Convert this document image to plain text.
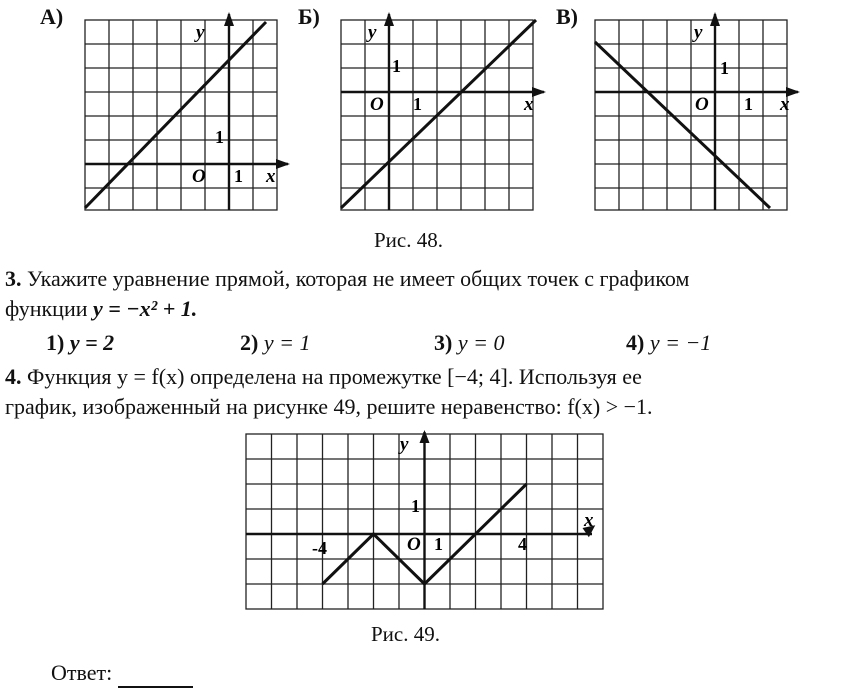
А)
y
x
O 1
1
Б)
y
x
O 1
1
В)
y
x
O 1
1
Рис. 48.
3. Укажите уравнение прямой, которая не имеет общих точек с графиком
функции y = −x² + 1.
1) y = 2	2) y = 1	3) y = 0	4) y = −1
4. Функция y = f(x) определена на промежутке [−4; 4]. Используя ее
график, изображенный на рисунке 49, решите неравенство: f(x) > −1.
y
x
O
-4	1
1
4
Рис. 49.
Ответ:
